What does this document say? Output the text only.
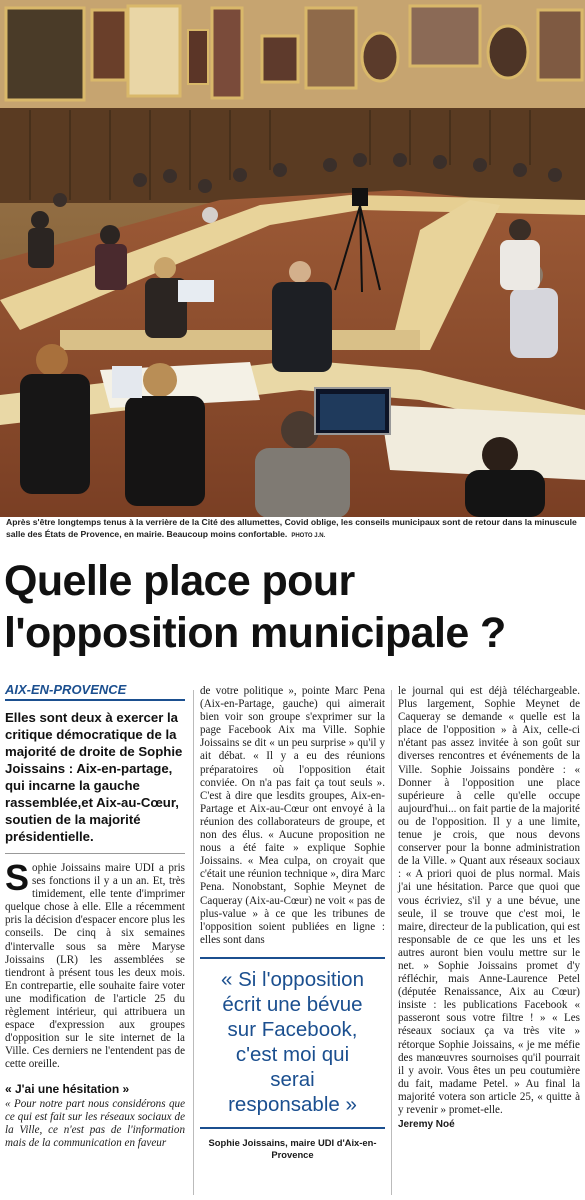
Après s'être longtemps tenus à la verrière de la Cité des allumettes, Covid oblige, les conseils municipaux sont de retour dans la minuscule salle des États de Provence, en mairie. Beaucoup moins confortable. PHOTO J.N.
Quelle place pour
l'opposition municipale ?
AIX-EN-PROVENCE
Elles sont deux à exercer la critique démocratique de la majorité de droite de Sophie Joissains : Aix-en-partage, qui incarne la gauche rassemblée,et Aix-au-Cœur, soutien de la majorité présidentielle.
Sophie Joissains maire UDI a pris ses fonctions il y a un an. Et, très timidement, elle tente d'imprimer quelque chose à elle. Elle a récemment pris la décision d'espacer encore plus les conseils. De cinq à six semaines d'intervalle sous sa mère Maryse Joissains (LR) les assemblées se tiendront à présent tous les deux mois. En contrepartie, elle souhaite faire voter une modification de l'article 25 du règlement intérieur, qui attribuera un espace d'expression aux groupes d'opposition sur le site internet de la Ville. Ces derniers ne l'entendent pas de cette oreille.
« J'ai une hésitation »
« Pour notre part nous considérons que ce qui est fait sur les réseaux sociaux de la Ville, ce n'est pas de l'information mais de la communication en faveur
de votre politique », pointe Marc Pena (Aix-en-Partage, gauche) qui aimerait bien voir son groupe s'exprimer sur la page Facebook Aix ma Ville. Sophie Joissains se dit « un peu surprise » qu'il y ait débat. « Il y a eu des réunions préparatoires où l'opposition était conviée. On n'a pas fait ça tout seuls ». C'est à dire que lesdits groupes, Aix-en-Partage et Aix-au-Cœur ont envoyé à la réunion des collaborateurs de groupe, et non des élus. « Aucune proposition ne nous a été faite » explique Sophie Joissains. « Mea culpa, on croyait que c'était une réunion technique », dira Marc Pena. Nonobstant, Sophie Meynet de Caqueray (Aix-au-Cœur) ne voit « pas de plus-value » à ce que les tribunes de l'opposition soient publiées en ligne : elles sont dans
« Si l'opposition
écrit une bévue
sur Facebook,
c'est moi qui
serai
responsable »
Sophie Joissains, maire UDI d'Aix-en-Provence
le journal qui est déjà téléchargeable. Plus largement, Sophie Meynet de Caqueray se demande « quelle est la place de l'opposition » à Aix, celle-ci n'étant pas assez invitée à son goût sur diverses rencontres et événements de la Ville. Sophie Joissains pondère : « Donner à l'opposition une place supérieure à celle qu'elle occupe aujourd'hui... on fait partie de la majorité ou de l'opposition. Il y a une limite, tenue je crois, que nous devons conserver pour la bonne administration de la Ville. » Quant aux réseaux sociaux : « A priori quoi de plus normal. Mais j'ai une hésitation. Parce que quoi que vous écriviez, s'il y a une bévue, une seule, il se trouve que c'est moi, le maire, directeur de la publication, qui est responsable de ce que les uns et les autres auront bien voulu mettre sur le net. » Sophie Joissains promet d'y réfléchir, mais Anne-Laurence Petel (députée Renaissance, Aix au Cœur) insiste : les publications Facebook « passeront sous votre filtre ! » « Les réseaux sociaux ça va très vite » rétorque Sophie Joissains, « je me méfie des manœuvres sournoises qu'il pourrait il y avoir. Vous êtes un peu coutumière du fait, madame Petel. » Au final la majorité votera son article 25, « quitte à y revenir » promet-elle.
Jeremy Noé
